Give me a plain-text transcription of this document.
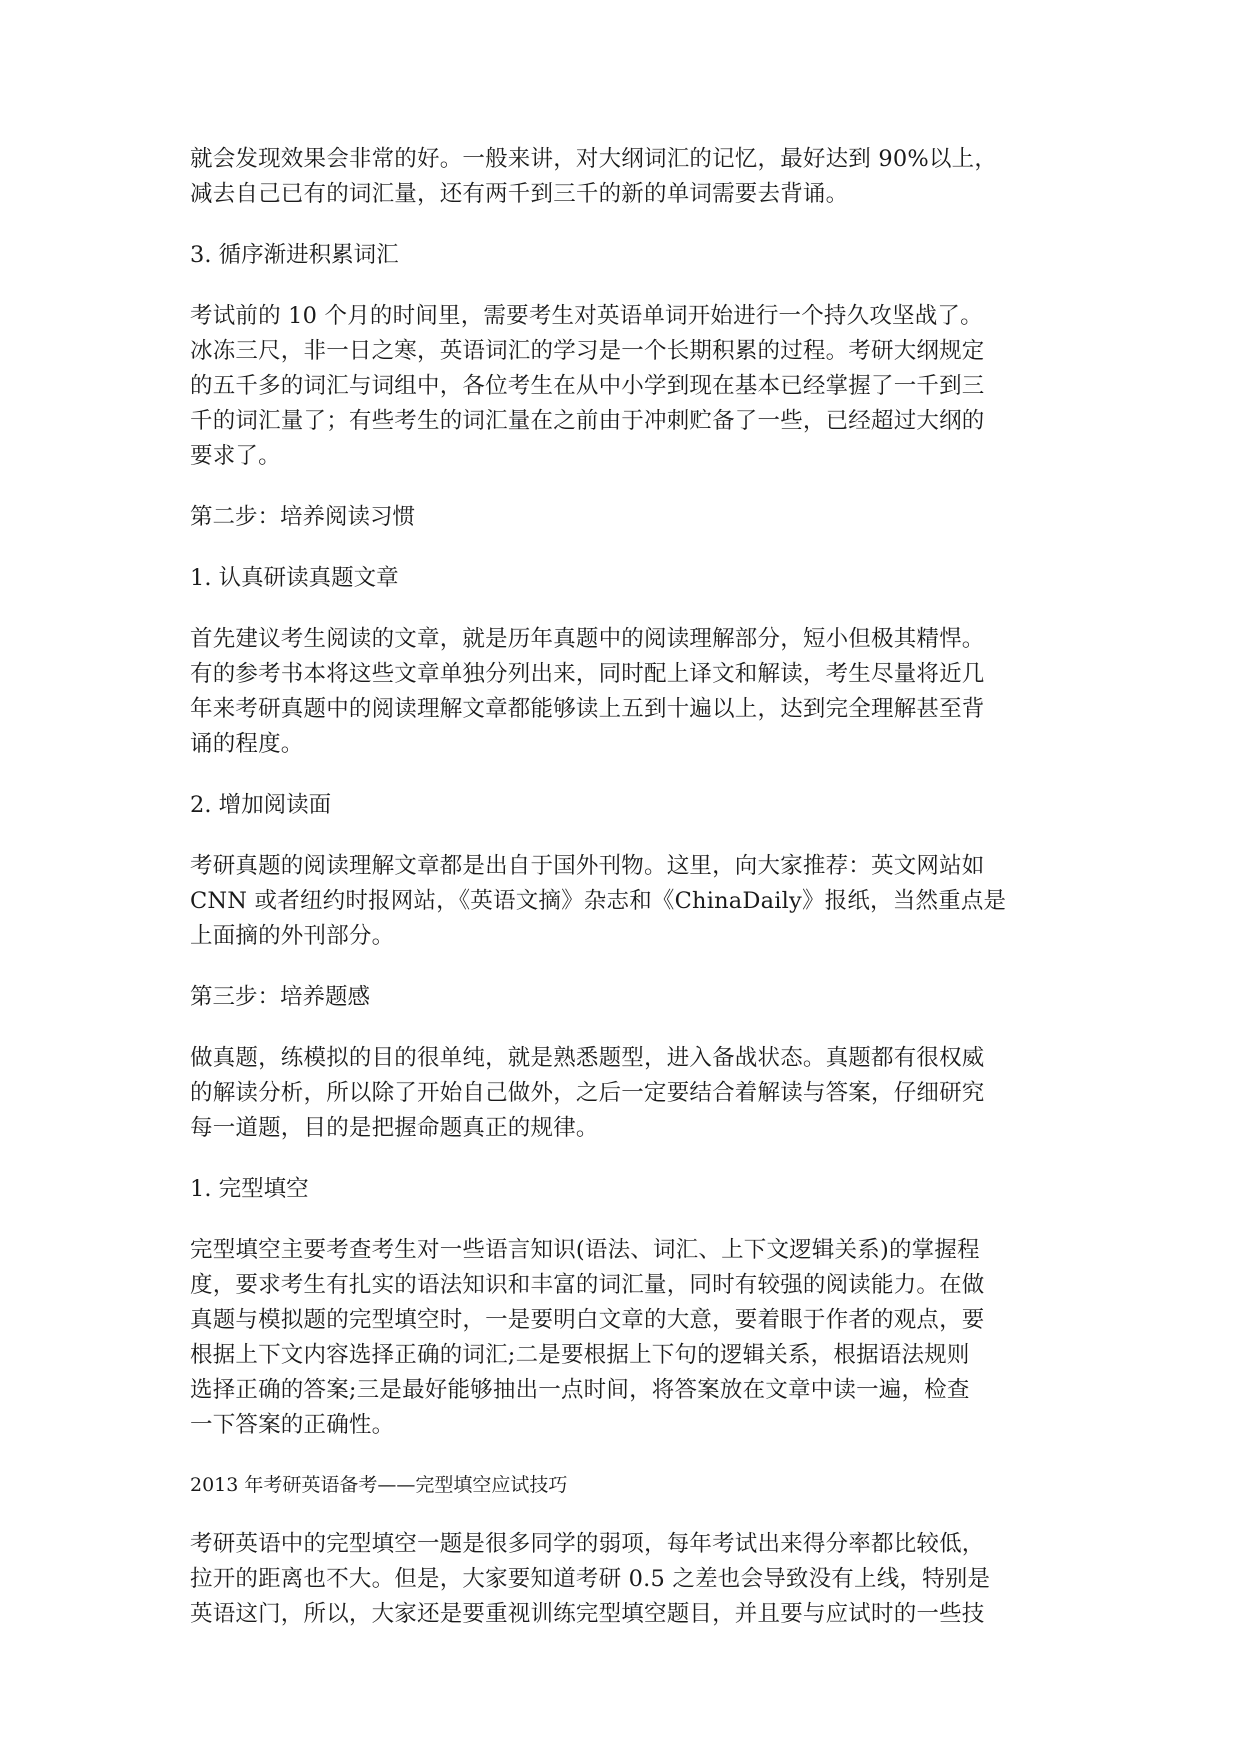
就会发现效果会非常的好。一般来讲，对大纲词汇的记忆，最好达到 90%以上，
减去自己已有的词汇量，还有两千到三千的新的单词需要去背诵。
3. 循序渐进积累词汇
考试前的 10 个月的时间里，需要考生对英语单词开始进行一个持久攻坚战了。
冰冻三尺，非一日之寒，英语词汇的学习是一个长期积累的过程。考研大纲规定
的五千多的词汇与词组中，各位考生在从中小学到现在基本已经掌握了一千到三
千的词汇量了；有些考生的词汇量在之前由于冲刺贮备了一些，已经超过大纲的
要求了。
第二步：培养阅读习惯
1. 认真研读真题文章
首先建议考生阅读的文章，就是历年真题中的阅读理解部分，短小但极其精悍。
有的参考书本将这些文章单独分列出来，同时配上译文和解读，考生尽量将近几
年来考研真题中的阅读理解文章都能够读上五到十遍以上，达到完全理解甚至背
诵的程度。
2. 增加阅读面
考研真题的阅读理解文章都是出自于国外刊物。这里，向大家推荐：英文网站如
CNN 或者纽约时报网站，《英语文摘》杂志和《ChinaDaily》报纸，当然重点是
上面摘的外刊部分。
第三步：培养题感
做真题，练模拟的目的很单纯，就是熟悉题型，进入备战状态。真题都有很权威
的解读分析，所以除了开始自己做外，之后一定要结合着解读与答案，仔细研究
每一道题，目的是把握命题真正的规律。
1. 完型填空
完型填空主要考查考生对一些语言知识(语法、词汇、上下文逻辑关系)的掌握程
度，要求考生有扎实的语法知识和丰富的词汇量，同时有较强的阅读能力。在做
真题与模拟题的完型填空时，一是要明白文章的大意，要着眼于作者的观点，要
根据上下文内容选择正确的词汇;二是要根据上下句的逻辑关系，根据语法规则
选择正确的答案;三是最好能够抽出一点时间，将答案放在文章中读一遍，检查
一下答案的正确性。
2013 年考研英语备考——完型填空应试技巧
考研英语中的完型填空一题是很多同学的弱项，每年考试出来得分率都比较低，
拉开的距离也不大。但是，大家要知道考研 0.5 之差也会导致没有上线，特别是
英语这门，所以，大家还是要重视训练完型填空题目，并且要与应试时的一些技
